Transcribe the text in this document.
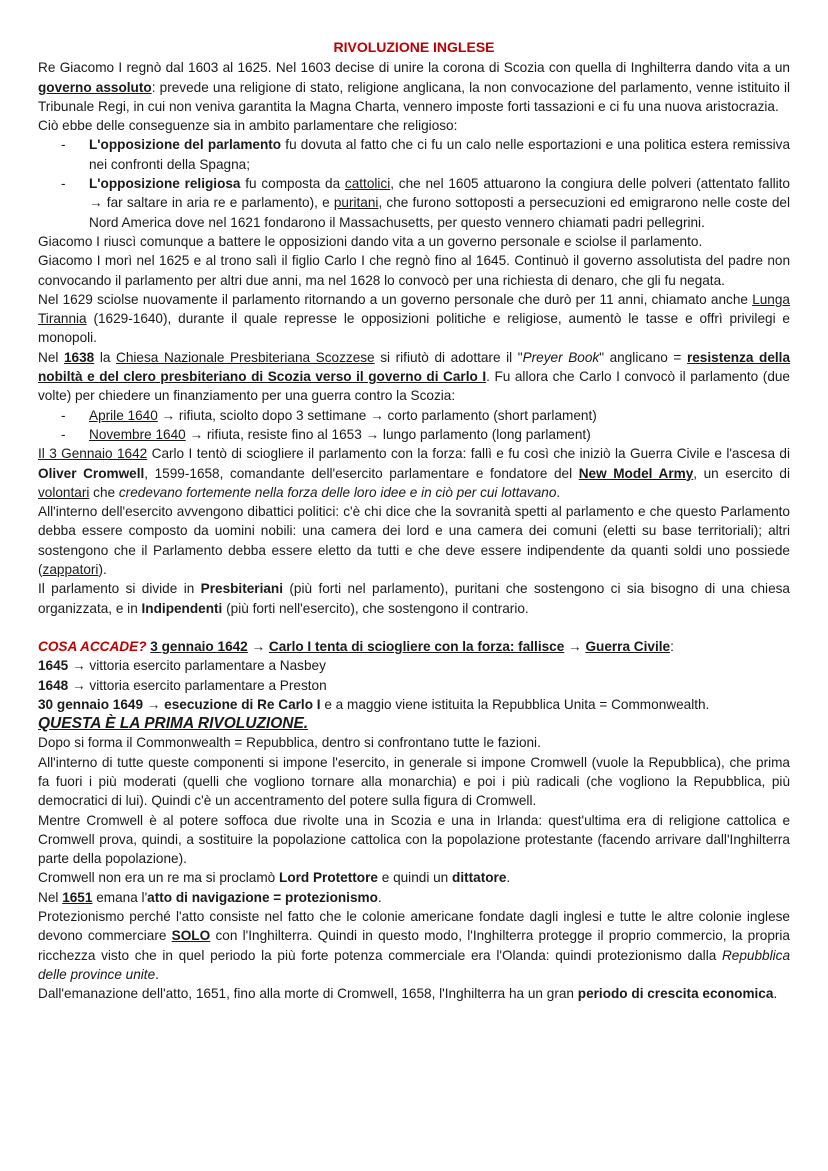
RIVOLUZIONE INGLESE

Re Giacomo I regnò dal 1603 al 1625. Nel 1603 decise di unire la corona di Scozia con quella di Inghilterra dando vita a un governo assoluto: prevede una religione di stato, religione anglicana, la non convocazione del parlamento, venne istituito il Tribunale Regi, in cui non veniva garantita la Magna Charta, vennero imposte forti tassazioni e ci fu una nuova aristocrazia.

Ciò ebbe delle conseguenze sia in ambito parlamentare che religioso:

- L'opposizione del parlamento fu dovuta al fatto che ci fu un calo nelle esportazioni e una politica estera remissiva nei confronti della Spagna;
- L'opposizione religiosa fu composta da cattolici, che nel 1605 attuarono la congiura delle polveri (attentato fallito → far saltare in aria re e parlamento), e puritani, che furono sottoposti a persecuzioni ed emigrarono nelle coste del Nord America dove nel 1621 fondarono il Massachusetts, per questo vennero chiamati padri pellegrini.

Giacomo I riuscì comunque a battere le opposizioni dando vita a un governo personale e sciolse il parlamento.

Giacomo I morì nel 1625 e al trono salì il figlio Carlo I che regnò fino al 1645. Continuò il governo assolutista del padre non convocando il parlamento per altri due anni, ma nel 1628 lo convocò per una richiesta di denaro, che gli fu negata.

Nel 1629 sciolse nuovamente il parlamento ritornando a un governo personale che durò per 11 anni, chiamato anche Lunga Tirannia (1629-1640), durante il quale represse le opposizioni politiche e religiose, aumentò le tasse e offrì privilegi e monopoli.

Nel 1638 la Chiesa Nazionale Presbiteriana Scozzese si rifiutò di adottare il "Preyer Book" anglicano = resistenza della nobiltà e del clero presbiteriano di Scozia verso il governo di Carlo I. Fu allora che Carlo I convocò il parlamento (due volte) per chiedere un finanziamento per una guerra contro la Scozia:

- Aprile 1640 → rifiuta, sciolto dopo 3 settimane → corto parlamento (short parlament)
- Novembre 1640 → rifiuta, resiste fino al 1653 → lungo parlamento (long parlament)

Il 3 Gennaio 1642 Carlo I tentò di sciogliere il parlamento con la forza: fallì e fu così che iniziò la Guerra Civile e l'ascesa di Oliver Cromwell, 1599-1658, comandante dell'esercito parlamentare e fondatore del New Model Army, un esercito di volontari che credevano fortemente nella forza delle loro idee e in ciò per cui lottavano.

All'interno dell'esercito avvengono dibattici politici: c'è chi dice che la sovranità spetti al parlamento e che questo Parlamento debba essere composto da uomini nobili: una camera dei lord e una camera dei comuni (eletti su base territoriali); altri sostengono che il Parlamento debba essere eletto da tutti e che deve essere indipendente da quanti soldi uno possiede (zappatori).

Il parlamento si divide in Presbiteriani (più forti nel parlamento), puritani che sostengono ci sia bisogno di una chiesa organizzata, e in Indipendenti (più forti nell'esercito), che sostengono il contrario.

COSA ACCADE? 3 gennaio 1642 → Carlo I tenta di sciogliere con la forza: fallisce → Guerra Civile:

1645 → vittoria esercito parlamentare a Nasbey

1648 → vittoria esercito parlamentare a Preston

30 gennaio 1649 → esecuzione di Re Carlo I e a maggio viene istituita la Repubblica Unita = Commonwealth.

QUESTA È LA PRIMA RIVOLUZIONE.

Dopo si forma il Commonwealth = Repubblica, dentro si confrontano tutte le fazioni.

All'interno di tutte queste componenti si impone l'esercito, in generale si impone Cromwell (vuole la Repubblica), che prima fa fuori i più moderati (quelli che vogliono tornare alla monarchia) e poi i più radicali (che vogliono la Repubblica, più democratici di lui). Quindi c'è un accentramento del potere sulla figura di Cromwell.

Mentre Cromwell è al potere soffoca due rivolte una in Scozia e una in Irlanda: quest'ultima era di religione cattolica e Cromwell prova, quindi, a sostituire la popolazione cattolica con la popolazione protestante (facendo arrivare dall'Inghilterra parte della popolazione).

Cromwell non era un re ma si proclamò Lord Protettore e quindi un dittatore.

Nel 1651 emana l'atto di navigazione = protezionismo.

Protezionismo perché l'atto consiste nel fatto che le colonie americane fondate dagli inglesi e tutte le altre colonie inglese devono commerciare SOLO con l'Inghilterra. Quindi in questo modo, l'Inghilterra protegge il proprio commercio, la propria ricchezza visto che in quel periodo la più forte potenza commerciale era l'Olanda: quindi protezionismo dalla Repubblica delle province unite.

Dall'emanazione dell'atto, 1651, fino alla morte di Cromwell, 1658, l'Inghilterra ha un gran periodo di crescita economica.
